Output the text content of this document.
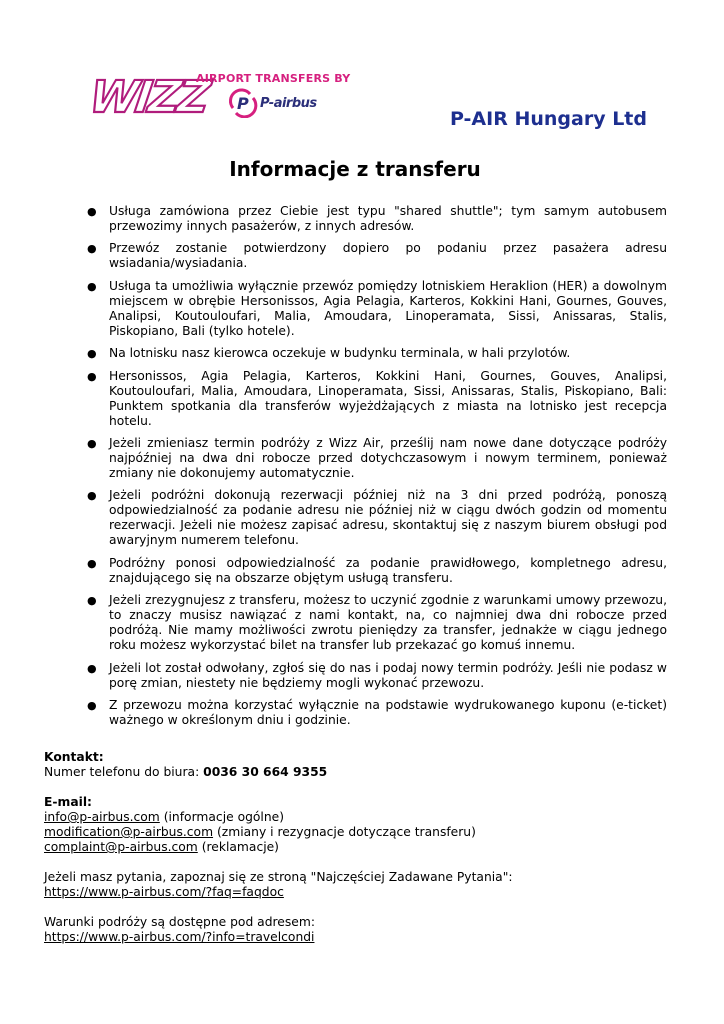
WIZZ
AIRPORT TRANSFERS BY
P P-airbus
P-AIR Hungary Ltd
Informacje z transferu
● Usługa zamówiona przez Ciebie jest typu "shared shuttle"; tym samym autobusem przewozimy innych pasażerów, z innych adresów.
● Przewóz zostanie potwierdzony dopiero po podaniu przez pasażera adresu wsiadania/wysiadania.
● Usługa ta umożliwia wyłącznie przewóz pomiędzy lotniskiem Heraklion (HER) a dowolnym miejscem w obrębie Hersonissos, Agia Pelagia, Karteros, Kokkini Hani, Gournes, Gouves, Analipsi, Koutouloufari, Malia, Amoudara, Linoperamata, Sissi, Anissaras, Stalis, Piskopiano, Bali (tylko hotele).
● Na lotnisku nasz kierowca oczekuje w budynku terminala, w hali przylotów.
● Hersonissos, Agia Pelagia, Karteros, Kokkini Hani, Gournes, Gouves, Analipsi, Koutouloufari, Malia, Amoudara, Linoperamata, Sissi, Anissaras, Stalis, Piskopiano, Bali: Punktem spotkania dla transferów wyjeżdżających z miasta na lotnisko jest recepcja hotelu.
● Jeżeli zmieniasz termin podróży z Wizz Air, prześlij nam nowe dane dotyczące podróży najpóźniej na dwa dni robocze przed dotychczasowym i nowym terminem, ponieważ zmiany nie dokonujemy automatycznie.
● Jeżeli podróżni dokonują rezerwacji później niż na 3 dni przed podróżą, ponoszą odpowiedzialność za podanie adresu nie później niż w ciągu dwóch godzin od momentu rezerwacji. Jeżeli nie możesz zapisać adresu, skontaktuj się z naszym biurem obsługi pod awaryjnym numerem telefonu.
● Podróżny ponosi odpowiedzialność za podanie prawidłowego, kompletnego adresu, znajdującego się na obszarze objętym usługą transferu.
● Jeżeli zrezygnujesz z transferu, możesz to uczynić zgodnie z warunkami umowy przewozu, to znaczy musisz nawiązać z nami kontakt, na, co najmniej dwa dni robocze przed podróżą. Nie mamy możliwości zwrotu pieniędzy za transfer, jednakże w ciągu jednego roku możesz wykorzystać bilet na transfer lub przekazać go komuś innemu.
● Jeżeli lot został odwołany, zgłoś się do nas i podaj nowy termin podróży. Jeśli nie podasz w porę zmian, niestety nie będziemy mogli wykonać przewozu.
● Z przewozu można korzystać wyłącznie na podstawie wydrukowanego kuponu (e-ticket) ważnego w określonym dniu i godzinie.
Kontakt:
Numer telefonu do biura: 0036 30 664 9355
E-mail:
info@p-airbus.com (informacje ogólne)
modification@p-airbus.com (zmiany i rezygnacje dotyczące transferu)
complaint@p-airbus.com (reklamacje)
Jeżeli masz pytania, zapoznaj się ze stroną "Najczęściej Zadawane Pytania":
https://www.p-airbus.com/?faq=faqdoc
Warunki podróży są dostępne pod adresem:
https://www.p-airbus.com/?info=travelcondi
